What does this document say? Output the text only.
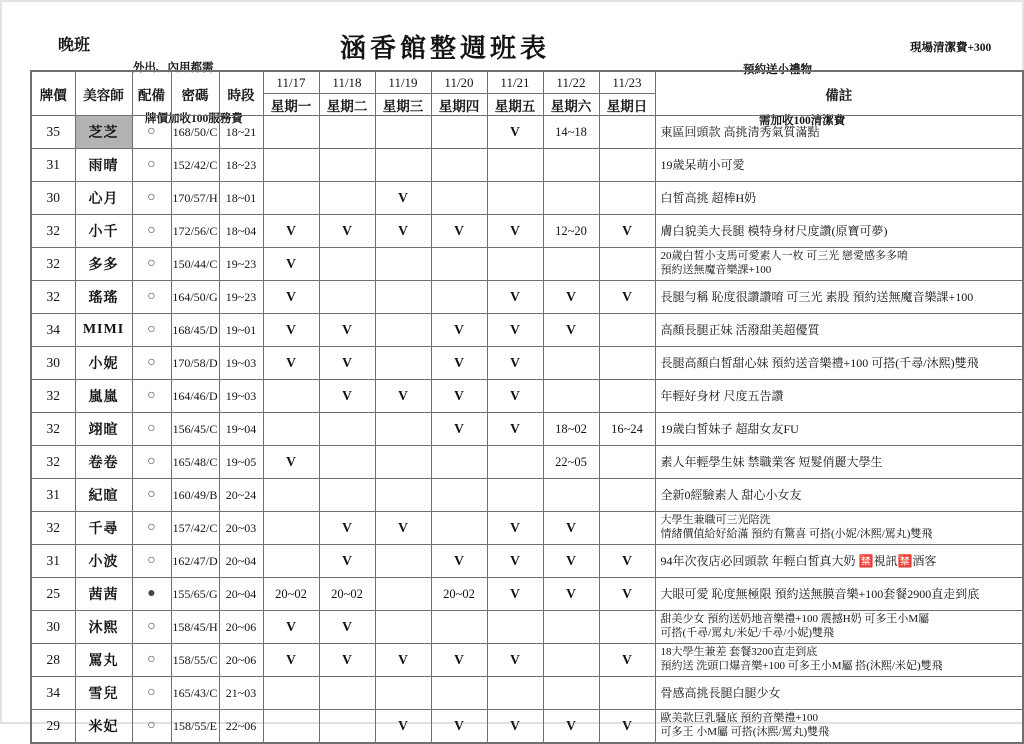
晚班

外出、內用都需

牌價加收100服務費

涵香館整週班表

預約送小禮物

需加收100清潔費

現場清潔費+300
牌價	美容師	配備	密碼	時段	11/17	11/18	11/19	11/20	11/21	11/22	11/23	備註
					星期一	星期二	星期三	星期四	星期五	星期六	星期日	
35	芝芝	○	168/50/C	18~21					V	14~18		東區回頭款 高挑清秀氣質滿點

31	雨晴	○	152/42/C	18~23								19歲呆萌小可愛

30	心月	○	170/57/H	18~01			V					白皙高挑 超棒H奶

32	小千	○	172/56/C	18~04	V	V	V	V	V	12~20	V	膚白貌美大長腿 模特身材尺度讚(原寶可夢)

32	多多	○	150/44/C	19~23	V							20歲白皙小支馬可愛素人一枚 可三光 戀愛感多多唷
預約送無魔音樂課+100

32	瑤瑤	○	164/50/G	19~23	V				V	V	V	長腿勻稱 恥度很讚讚唷 可三光 素股 預約送無魔音樂課+100

34	MIMI	○	168/45/D	19~01	V	V		V	V	V		高顏長腿正妹 活潑甜美超優質

30	小妮	○	170/58/D	19~03	V	V		V	V			長腿高顏白皙甜心妹 預約送音樂禮+100 可搭(千尋/沐熙)雙飛

32	嵐嵐	○	164/46/D	19~03		V	V	V	V			年輕好身材 尺度五告讚

32	翊暄	○	156/45/C	19~04				V	V	18~02	16~24	19歲白皙妹子 超甜女友FU

32	卷卷	○	165/48/C	19~05	V					22~05		素人年輕學生妹 禁職業客 短髮俏麗大學生

31	紀暄	○	160/49/B	20~24								全新0經驗素人 甜心小女友

32	千尋	○	157/42/C	20~03		V	V		V	V		大學生兼職可三光陪洗
情緒價值給好給滿 預約有驚喜 可搭(小妮/沐熙/罵丸)雙飛

31	小波	○	162/47/D	20~04		V		V	V	V	V	94年次夜店必回頭款 年輕白皙真大奶 🈲視訊🈲酒客

25	茜茜	●	155/65/G	20~04	20~02	20~02		20~02	V	V	V	大眼可愛 恥度無極限 預約送無膜音樂+100套餐2900直走到底

30	沐熙	○	158/45/H	20~06	V	V						甜美少女 預約送奶地音樂禮+100 震撼H奶 可多王小M屬
可搭(千尋/罵丸/米妃/千尋/小妮)雙飛

28	罵丸	○	158/55/C	20~06	V	V	V	V	V		V	18大學生兼差 套餐3200直走到底
預約送 洗頭口爆音樂+100 可多王小M屬 搭(沐熙/米妃)雙飛

34	雪兒	○	165/43/C	21~03								骨感高挑長腿白腿少女

29	米妃	○	158/55/E	22~06			V	V	V	V	V	歐美款巨乳騷底 預約音樂禮+100
可多王 小M屬 可搭(沐熙/罵丸)雙飛
